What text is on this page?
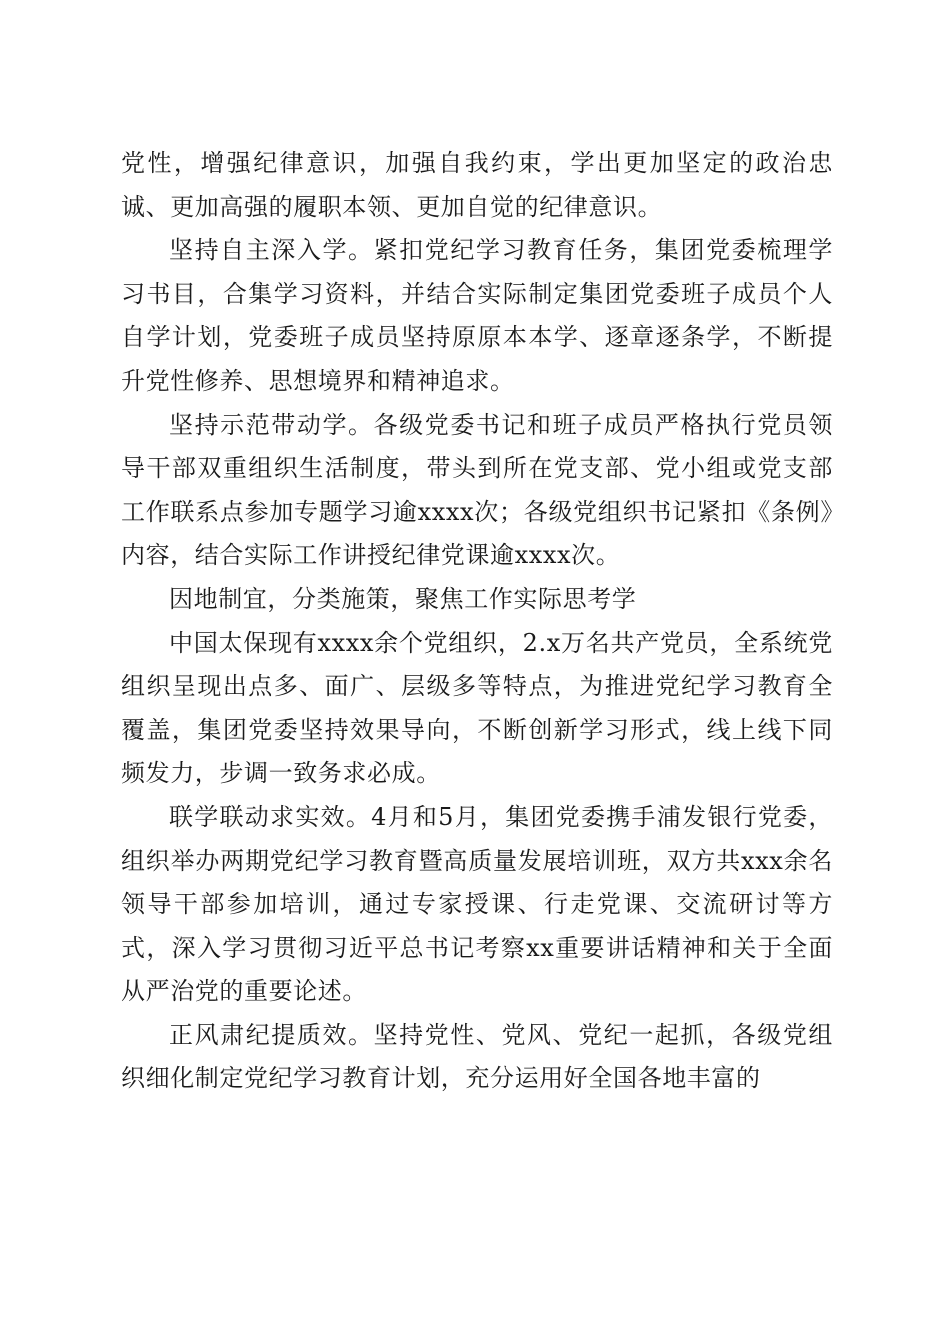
党性，增强纪律意识，加强自我约束，学出更加坚定的政治忠诚、更加高强的履职本领、更加自觉的纪律意识。

坚持自主深入学。紧扣党纪学习教育任务，集团党委梳理学习书目，合集学习资料，并结合实际制定集团党委班子成员个人自学计划，党委班子成员坚持原原本本学、逐章逐条学，不断提升党性修养、思想境界和精神追求。

坚持示范带动学。各级党委书记和班子成员严格执行党员领导干部双重组织生活制度，带头到所在党支部、党小组或党支部工作联系点参加专题学习逾xxxx次；各级党组织书记紧扣《条例》内容，结合实际工作讲授纪律党课逾xxxx次。

因地制宜，分类施策，聚焦工作实际思考学

中国太保现有xxxx余个党组织，2.x万名共产党员，全系统党组织呈现出点多、面广、层级多等特点，为推进党纪学习教育全覆盖，集团党委坚持效果导向，不断创新学习形式，线上线下同频发力，步调一致务求必成。

联学联动求实效。4月和5月，集团党委携手浦发银行党委，组织举办两期党纪学习教育暨高质量发展培训班，双方共xxx余名领导干部参加培训，通过专家授课、行走党课、交流研讨等方式，深入学习贯彻习近平总书记考察xx重要讲话精神和关于全面从严治党的重要论述。

正风肃纪提质效。坚持党性、党风、党纪一起抓，各级党组织细化制定党纪学习教育计划，充分运用好全国各地丰富的
